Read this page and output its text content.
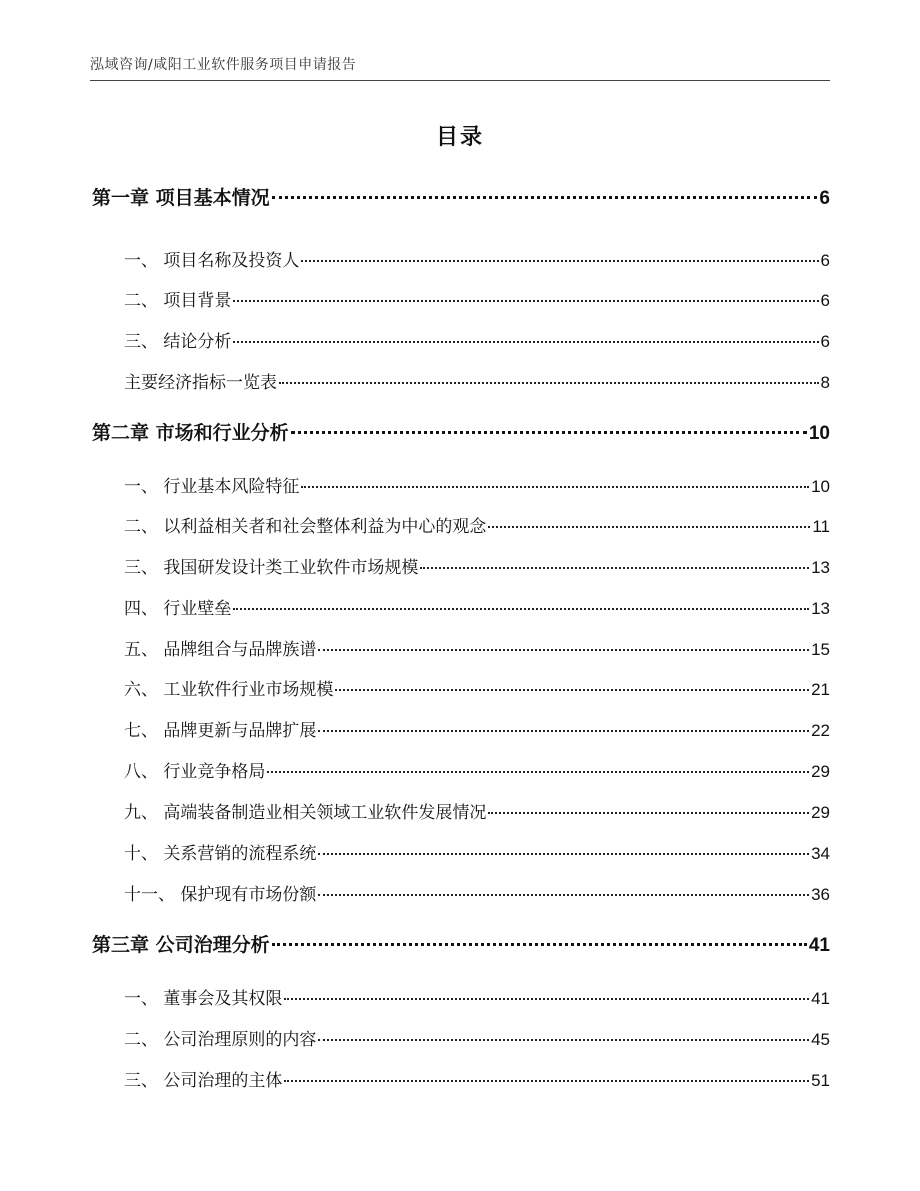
泓域咨询/咸阳工业软件服务项目申请报告
目录
第一章 项目基本情况	6
一、 项目名称及投资人	6
二、 项目背景	6
三、 结论分析	6
主要经济指标一览表	8
第二章 市场和行业分析	10
一、 行业基本风险特征	10
二、 以利益相关者和社会整体利益为中心的观念	11
三、 我国研发设计类工业软件市场规模	13
四、 行业壁垒	13
五、 品牌组合与品牌族谱	15
六、 工业软件行业市场规模	21
七、 品牌更新与品牌扩展	22
八、 行业竞争格局	29
九、 高端装备制造业相关领域工业软件发展情况	29
十、 关系营销的流程系统	34
十一、 保护现有市场份额	36
第三章 公司治理分析	41
一、 董事会及其权限	41
二、 公司治理原则的内容	45
三、 公司治理的主体	51
